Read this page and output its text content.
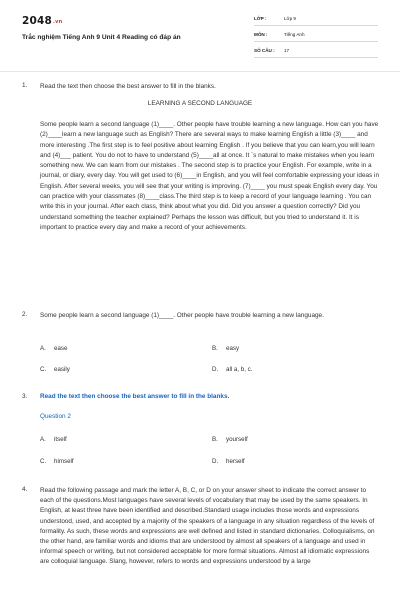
2048.vn
Trắc nghiệm Tiếng Anh 9 Unit 4 Reading có đáp án
LỚP :	Lớp 9
MÔN :	Tiếng Anh
SỐ CÂU : 17
1. Read the text then choose the best answer to fill in the blanks.
LEARNING A SECOND LANGUAGE
Some people learn a second language (1)____. Other people have trouble learning a new language. How can you have (2)____learn a new language such as English? There are several ways to make learning English a little (3)____ and more interesting .The first step is to feel positive about learning English . If you believe that you can learn,you will learn and (4)___ patient. You do not to have to understand (5)____all at once. It `s natural to make mistakes when you learn something new. We can learn from our mistakes . The second step is to practice your English. For example, write in a journal, or diary, every day. You will get used to (6)____in English, and you will feel comfortable expressing your ideas in English. After several weeks, you will see that your writing is improving. (7)____ you must speak English every day. You can practice with your classmates (8)____class.The third step is to keep a record of your language learning . You can write this in your journal. After each class, think about what you did. Did you answer a question correctly? Did you understand something the teacher explained? Perhaps the lesson was difficult, but you tried to understand it. It is important to practice every day and make a record of your achievements.
2. Some people learn a second language (1)____. Other people have trouble learning a new language.
A. ease	B. easy
C. easily	D. all a, b, c.
3. Read the text then choose the best answer to fill in the blanks.
Question 2
A. itself	B. yourself
C. himself	D. herself
4. Read the following passage and mark the letter A, B, C, or D on your answer sheet to indicate the correct answer to each of the questions.Most languages have several levels of vocabulary that may be used by the same speakers. In English, at least three have been identified and described.Standard usage includes those words and expressions understood, used, and accepted by a majority of the speakers of a language in any situation regardless of the levels of formality. As such, these words and expressions are well defined and listed in standard dictionaries. Colloquialisms, on the other hand, are familiar words and idioms that are understood by almost all speakers of a language and used in informal speech or writing, but not considered acceptable for more formal situations. Almost all idiomatic expressions are colloquial language. Slang, however, refers to words and expressions understood by a large
